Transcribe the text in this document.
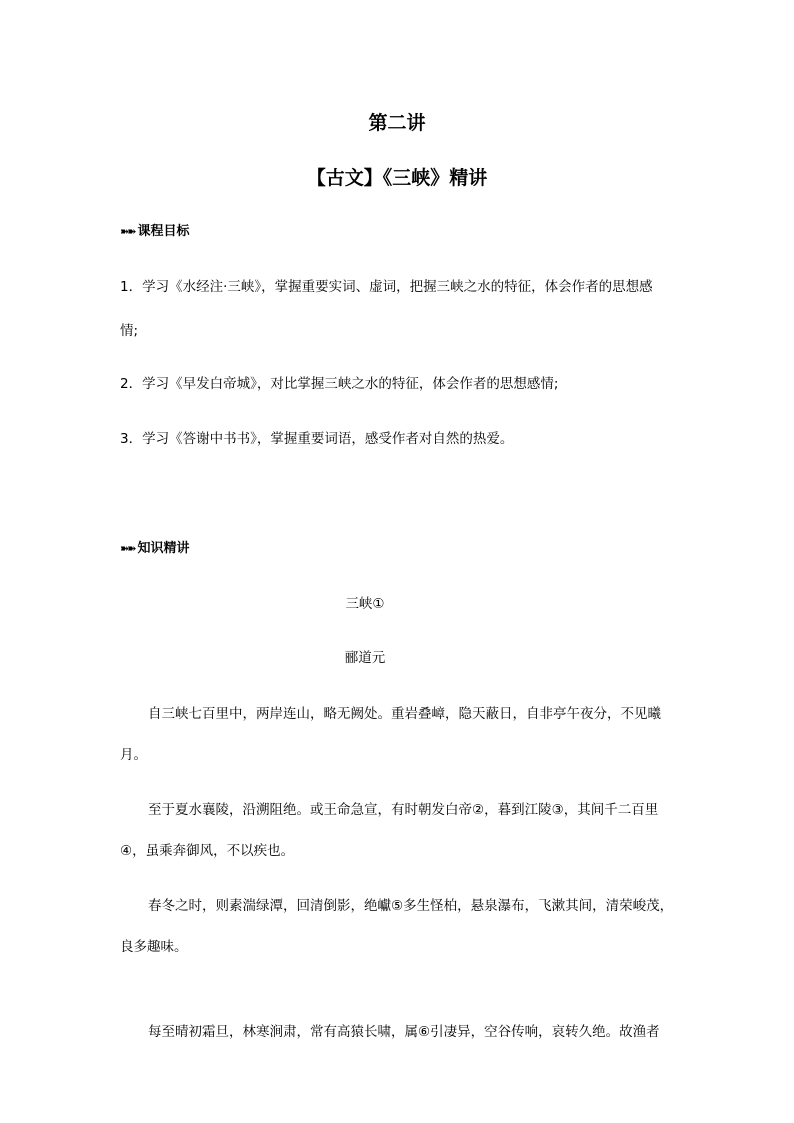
第二讲
【古文】《三峡》精讲
➽➽ 课程目标
1．学习《水经注·三峡》，掌握重要实词、虚词，把握三峡之水的特征，体会作者的思想感
情;
2．学习《早发白帝城》，对比掌握三峡之水的特征，体会作者的思想感情;
3．学习《答谢中书书》，掌握重要词语，感受作者对自然的热爱。
➽➽ 知识精讲
三峡①
郦道元
自三峡七百里中，两岸连山，略无阙处。重岩叠嶂，隐天蔽日，自非亭午夜分，不见曦
月。
至于夏水襄陵，沿溯阻绝。或王命急宣，有时朝发白帝②，暮到江陵③，其间千二百里
④，虽乘奔御风，不以疾也。
春冬之时，则素湍绿潭，回清倒影，绝巘⑤多生怪柏，悬泉瀑布，飞漱其间，清荣峻茂，
良多趣味。
每至晴初霜旦，林寒涧肃，常有高猿长啸，属⑥引凄异，空谷传响，哀转久绝。故渔者
